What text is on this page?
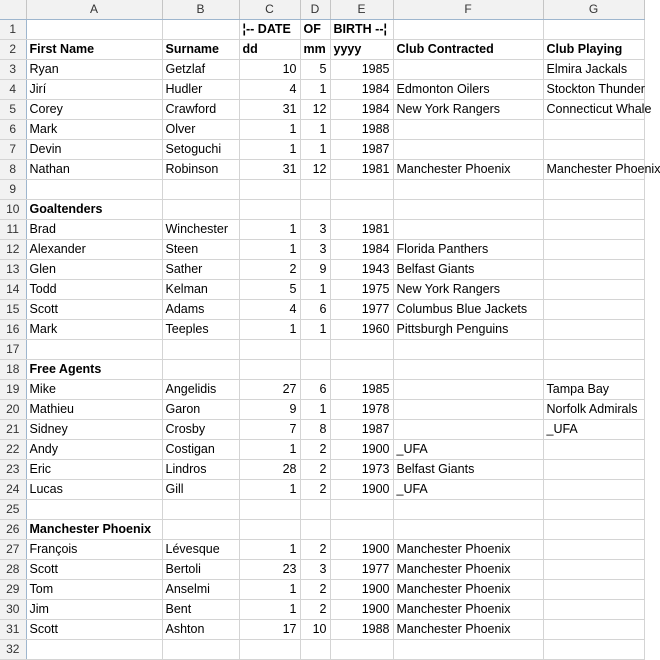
	A	B	C	D	E	F	G
1			¦-- DATE	OF	BIRTH --¦		
2	First Name	Surname	dd	mm	yyyy	Club Contracted	Club Playing
3	Ryan	Getzlaf	10	5	1985		Elmira Jackals
4	Jirí	Hudler	4	1	1984	Edmonton Oilers	Stockton Thunder
5	Corey	Crawford	31	12	1984	New York Rangers	Connecticut Whale
6	Mark	Olver	1	1	1988		
7	Devin	Setoguchi	1	1	1987		
8	Nathan	Robinson	31	12	1981	Manchester Phoenix	Manchester Phoenix
9							
10	Goaltenders						
11	Brad	Winchester	1	3	1981		
12	Alexander	Steen	1	3	1984	Florida Panthers	
13	Glen	Sather	2	9	1943	Belfast Giants	
14	Todd	Kelman	5	1	1975	New York Rangers	
15	Scott	Adams	4	6	1977	Columbus Blue Jackets	
16	Mark	Teeples	1	1	1960	Pittsburgh Penguins	
17							
18	Free Agents						
19	Mike	Angelidis	27	6	1985		Tampa Bay
20	Mathieu	Garon	9	1	1978		Norfolk Admirals
21	Sidney	Crosby	7	8	1987		_UFA
22	Andy	Costigan	1	2	1900	_UFA	
23	Eric	Lindros	28	2	1973	Belfast Giants	
24	Lucas	Gill	1	2	1900	_UFA	
25							
26	Manchester Phoenix						
27	François	Lévesque	1	2	1900	Manchester Phoenix	
28	Scott	Bertoli	23	3	1977	Manchester Phoenix	
29	Tom	Anselmi	1	2	1900	Manchester Phoenix	
30	Jim	Bent	1	2	1900	Manchester Phoenix	
31	Scott	Ashton	17	10	1988	Manchester Phoenix	
32							
